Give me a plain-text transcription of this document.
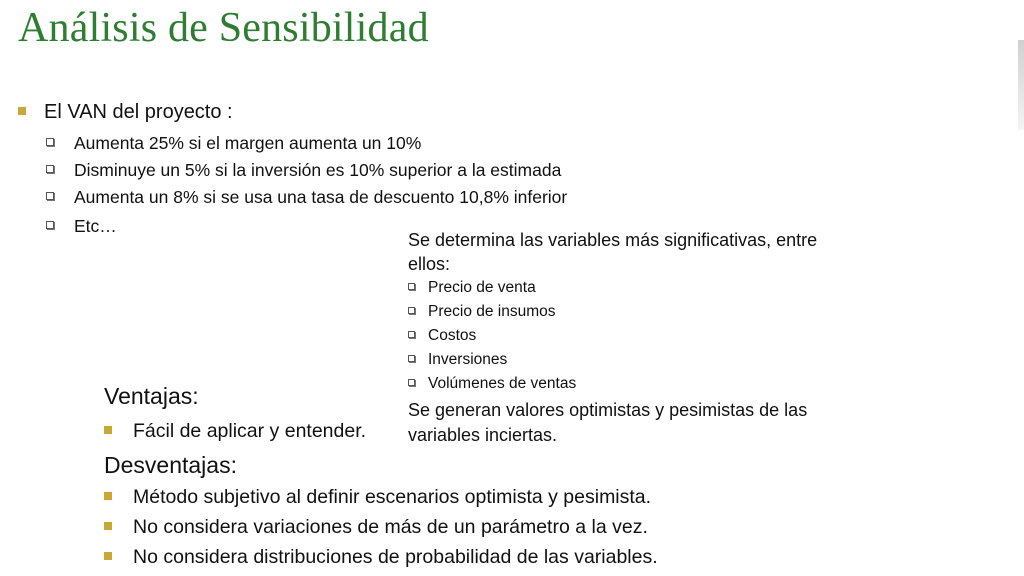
Análisis de Sensibilidad
El VAN del proyecto :
Aumenta 25% si el margen aumenta un 10%
Disminuye un 5% si la inversión es 10% superior a la estimada
Aumenta un 8% si se usa una tasa de descuento 10,8% inferior
Etc…
Se determina las variables más significativas, entre
ellos:
Precio de venta
Precio de insumos
Costos
Inversiones
Volúmenes de ventas
Se generan valores optimistas y pesimistas de las
variables inciertas.
Ventajas:
Fácil de aplicar y entender.
Desventajas:
Método subjetivo al definir escenarios optimista y pesimista.
No considera variaciones de más de un parámetro a la vez.
No considera distribuciones de probabilidad de las variables.
